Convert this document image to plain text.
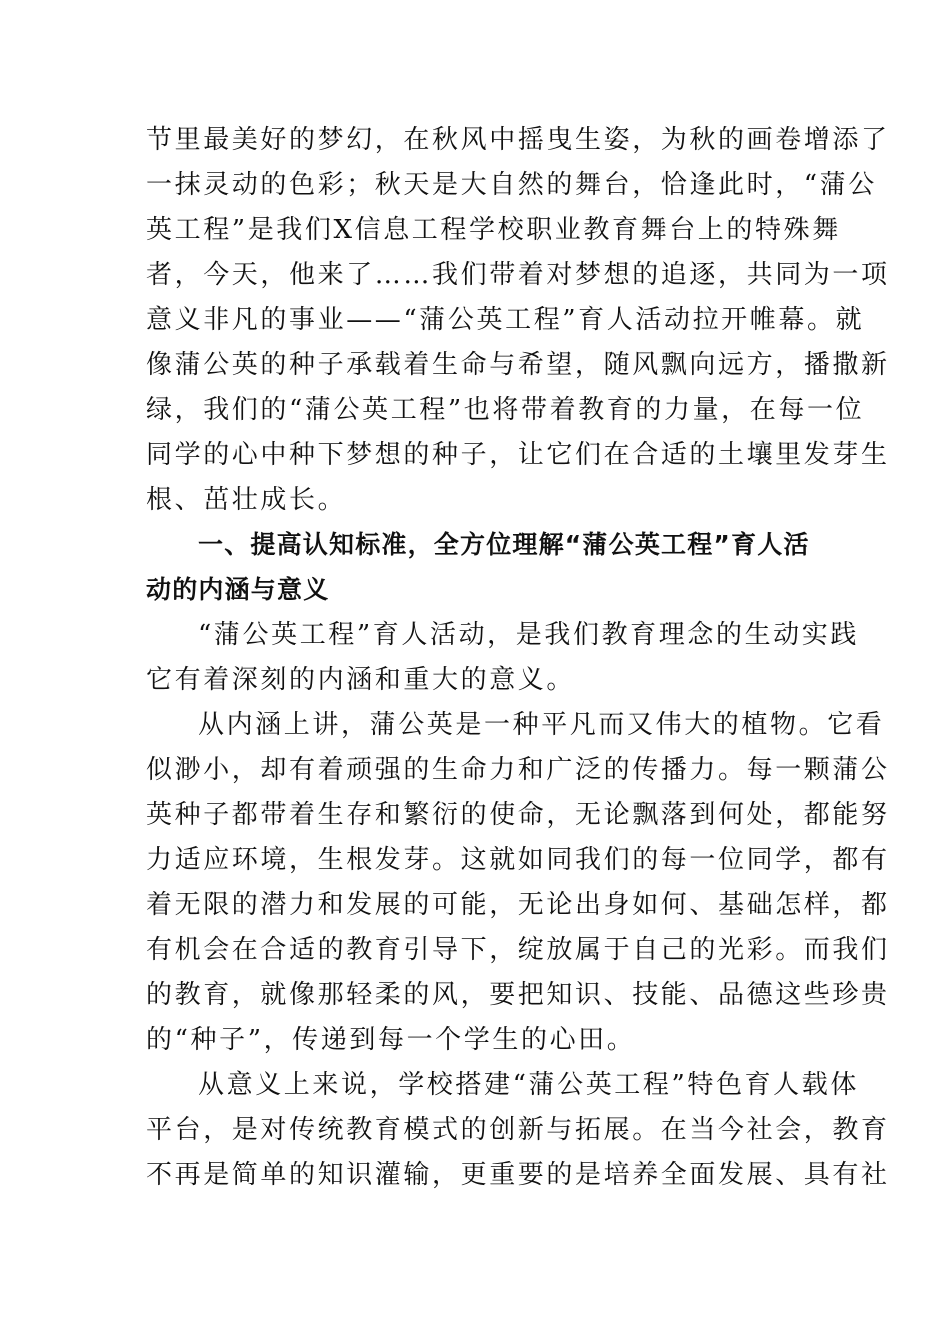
节里最美好的梦幻，在秋风中摇曳生姿，为秋的画卷增添了
一抹灵动的色彩；秋天是大自然的舞台，恰逢此时，“蒲公
英工程”是我们X信息工程学校职业教育舞台上的特殊舞
者，今天，他来了……我们带着对梦想的追逐，共同为一项
意义非凡的事业——“蒲公英工程”育人活动拉开帷幕。就
像蒲公英的种子承载着生命与希望，随风飘向远方，播撒新
绿，我们的“蒲公英工程”也将带着教育的力量，在每一位
同学的心中种下梦想的种子，让它们在合适的土壤里发芽生
根、茁壮成长。
一、提高认知标准，全方位理解“蒲公英工程”育人活
动的内涵与意义
“蒲公英工程”育人活动，是我们教育理念的生动实践
它有着深刻的内涵和重大的意义。
从内涵上讲，蒲公英是一种平凡而又伟大的植物。它看
似渺小，却有着顽强的生命力和广泛的传播力。每一颗蒲公
英种子都带着生存和繁衍的使命，无论飘落到何处，都能努
力适应环境，生根发芽。这就如同我们的每一位同学，都有
着无限的潜力和发展的可能，无论出身如何、基础怎样，都
有机会在合适的教育引导下，绽放属于自己的光彩。而我们
的教育，就像那轻柔的风，要把知识、技能、品德这些珍贵
的“种子”，传递到每一个学生的心田。
从意义上来说，学校搭建“蒲公英工程”特色育人载体
平台，是对传统教育模式的创新与拓展。在当今社会，教育
不再是简单的知识灌输，更重要的是培养全面发展、具有社
